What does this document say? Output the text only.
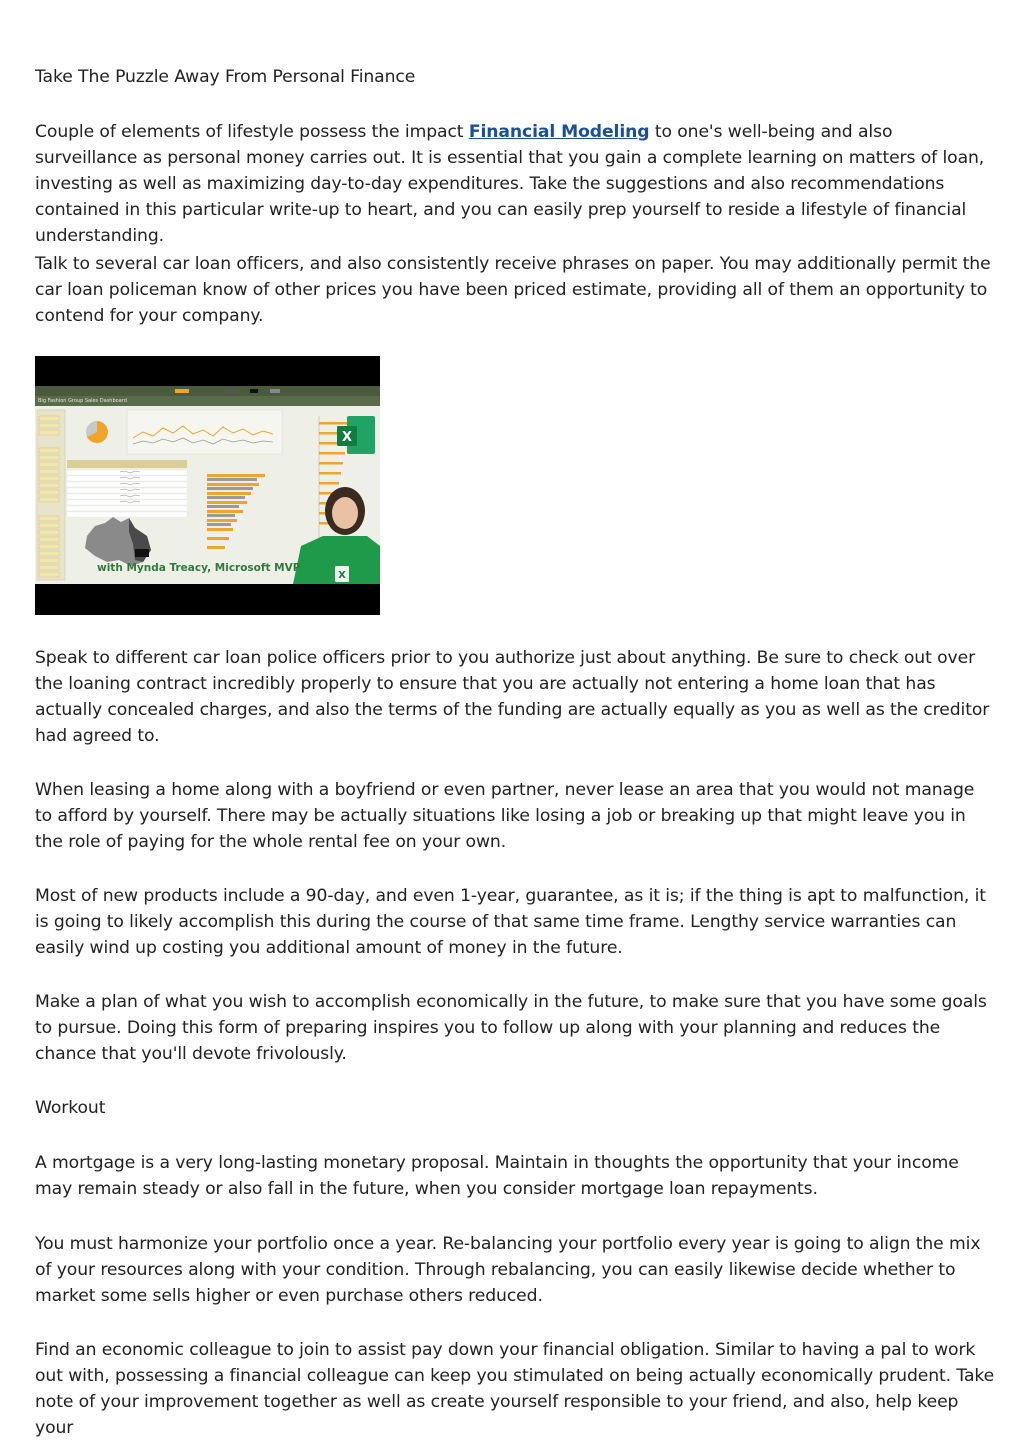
Take The Puzzle Away From Personal Finance

Couple of elements of lifestyle possess the impact Financial Modeling to one's well-being and also surveillance as personal money carries out. It is essential that you gain a complete learning on matters of loan, investing as well as maximizing day-to-day expenditures. Take the suggestions and also recommendations contained in this particular write-up to heart, and you can easily prep yourself to reside a lifestyle of financial understanding.

Talk to several car loan officers, and also consistently receive phrases on paper. You may additionally permit the car loan policeman know of other prices you have been priced estimate, providing all of them an opportunity to contend for your company.

Big Fashion Group Sales Dashboard
X
X
with Mynda Treacy, Microsoft MVP

Speak to different car loan police officers prior to you authorize just about anything. Be sure to check out over the loaning contract incredibly properly to ensure that you are actually not entering a home loan that has actually concealed charges, and also the terms of the funding are actually equally as you as well as the creditor had agreed to.

When leasing a home along with a boyfriend or even partner, never lease an area that you would not manage to afford by yourself. There may be actually situations like losing a job or breaking up that might leave you in the role of paying for the whole rental fee on your own.

Most of new products include a 90-day, and even 1-year, guarantee, as it is; if the thing is apt to malfunction, it is going to likely accomplish this during the course of that same time frame. Lengthy service warranties can easily wind up costing you additional amount of money in the future.

Make a plan of what you wish to accomplish economically in the future, to make sure that you have some goals to pursue. Doing this form of preparing inspires you to follow up along with your planning and reduces the chance that you'll devote frivolously.

Workout

A mortgage is a very long-lasting monetary proposal. Maintain in thoughts the opportunity that your income may remain steady or also fall in the future, when you consider mortgage loan repayments.

You must harmonize your portfolio once a year. Re-balancing your portfolio every year is going to align the mix of your resources along with your condition. Through rebalancing, you can easily likewise decide whether to market some sells higher or even purchase others reduced.

Find an economic colleague to join to assist pay down your financial obligation. Similar to having a pal to work out with, possessing a financial colleague can keep you stimulated on being actually economically prudent. Take note of your improvement together as well as create yourself responsible to your friend, and also, help keep your
